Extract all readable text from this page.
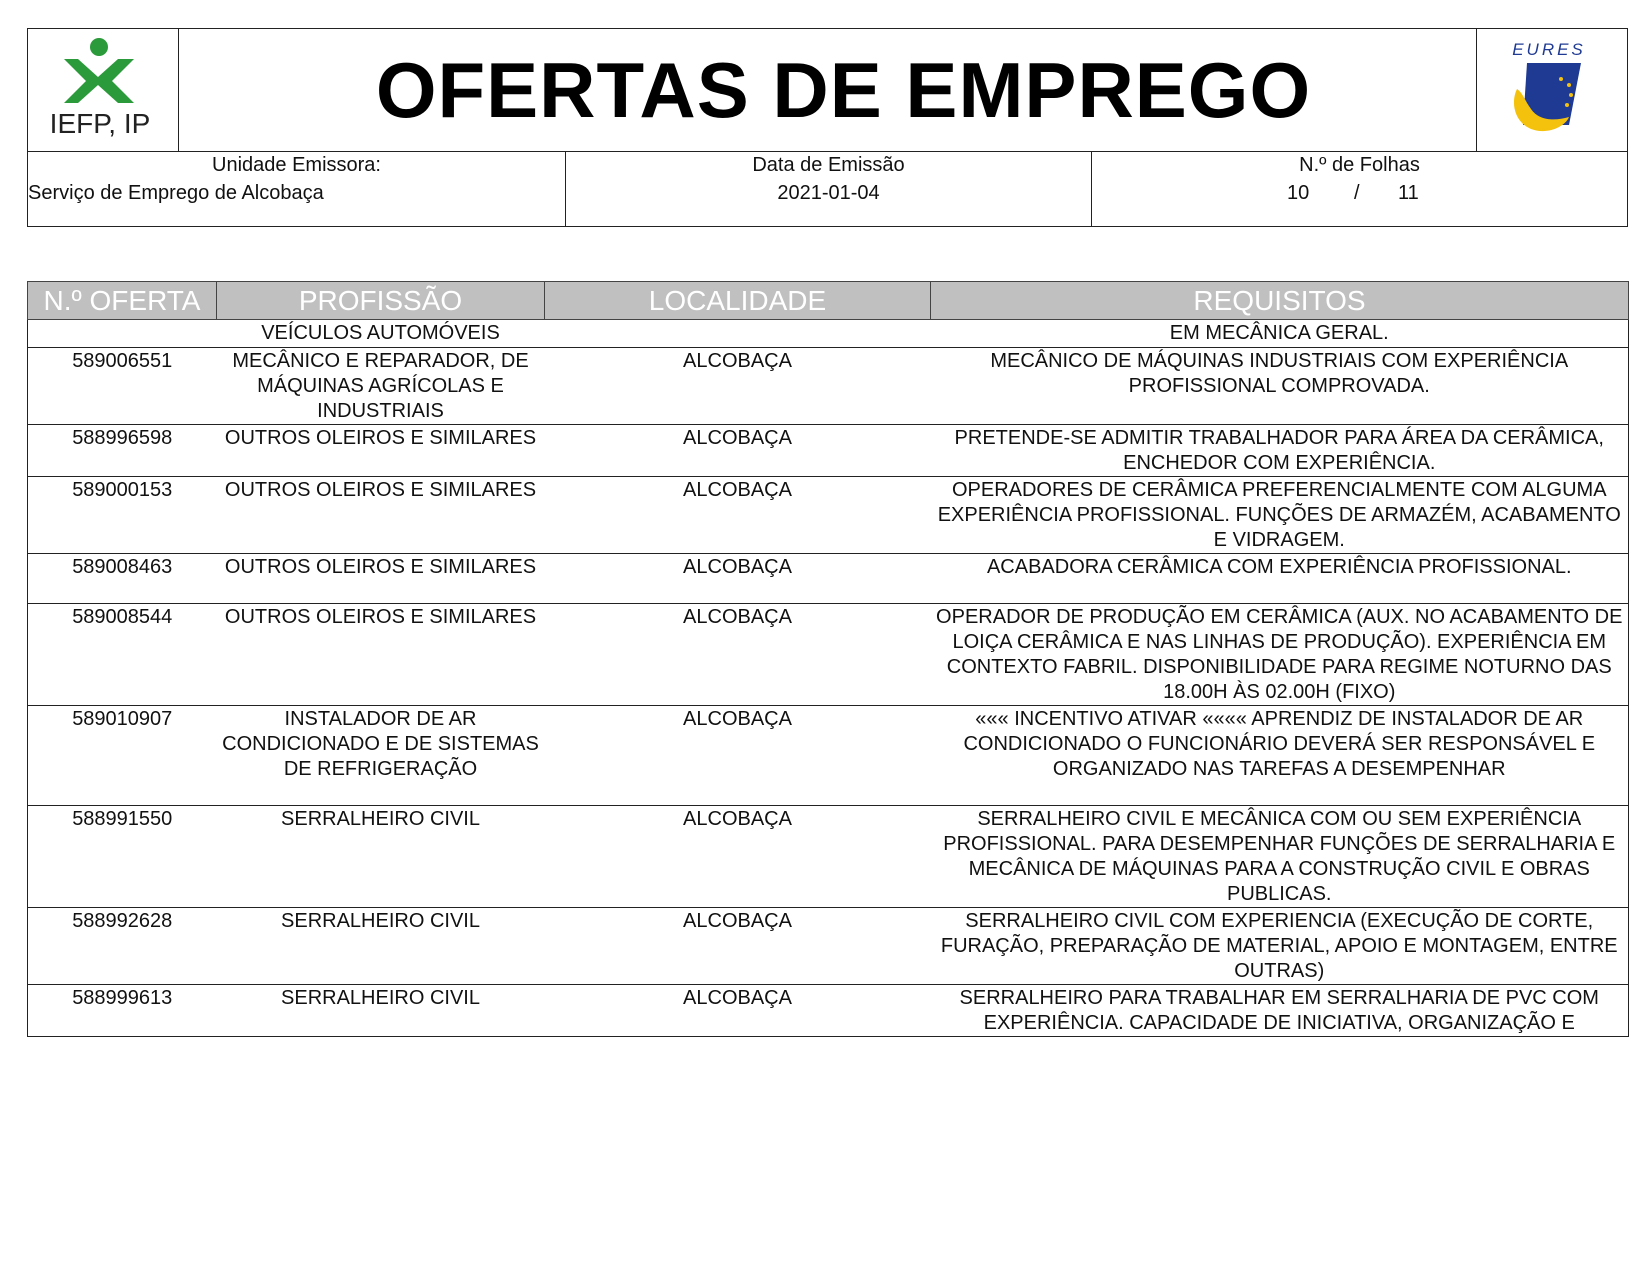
IEFP, IP	OFERTAS DE EMPREGO	EURES
Unidade Emissora:
Serviço de Emprego de Alcobaça
Data de Emissão
2021-01-04
N.º de Folhas
10 / 11
N.º OFERTA	PROFISSÃO	LOCALIDADE	REQUISITOS
	VEÍCULOS AUTOMÓVEIS		EM MECÂNICA GERAL.
589006551	MECÂNICO E REPARADOR, DE MÁQUINAS AGRÍCOLAS E INDUSTRIAIS	ALCOBAÇA	MECÂNICO DE MÁQUINAS INDUSTRIAIS COM EXPERIÊNCIA PROFISSIONAL COMPROVADA.
588996598	OUTROS OLEIROS E SIMILARES	ALCOBAÇA	PRETENDE-SE ADMITIR TRABALHADOR PARA ÁREA DA CERÂMICA, ENCHEDOR COM EXPERIÊNCIA.
589000153	OUTROS OLEIROS E SIMILARES	ALCOBAÇA	OPERADORES DE CERÂMICA PREFERENCIALMENTE COM ALGUMA EXPERIÊNCIA PROFISSIONAL. FUNÇÕES DE ARMAZÉM, ACABAMENTO E VIDRAGEM.
589008463	OUTROS OLEIROS E SIMILARES	ALCOBAÇA	ACABADORA CERÂMICA COM EXPERIÊNCIA PROFISSIONAL.
589008544	OUTROS OLEIROS E SIMILARES	ALCOBAÇA	OPERADOR DE PRODUÇÃO EM CERÂMICA (AUX. NO ACABAMENTO DE LOIÇA CERÂMICA E NAS LINHAS DE PRODUÇÃO). EXPERIÊNCIA EM CONTEXTO FABRIL. DISPONIBILIDADE PARA REGIME NOTURNO DAS 18.00H ÀS 02.00H (FIXO)
589010907	INSTALADOR DE AR CONDICIONADO E DE SISTEMAS DE REFRIGERAÇÃO	ALCOBAÇA	««« INCENTIVO ATIVAR «««« APRENDIZ DE INSTALADOR DE AR CONDICIONADO O FUNCIONÁRIO DEVERÁ SER RESPONSÁVEL E ORGANIZADO NAS TAREFAS A DESEMPENHAR
588991550	SERRALHEIRO CIVIL	ALCOBAÇA	SERRALHEIRO CIVIL E MECÂNICA COM OU SEM EXPERIÊNCIA PROFISSIONAL. PARA DESEMPENHAR FUNÇÕES DE SERRALHARIA E MECÂNICA DE MÁQUINAS PARA A CONSTRUÇÃO CIVIL E OBRAS PUBLICAS.
588992628	SERRALHEIRO CIVIL	ALCOBAÇA	SERRALHEIRO CIVIL COM EXPERIENCIA (EXECUÇÃO DE CORTE, FURAÇÃO, PREPARAÇÃO DE MATERIAL, APOIO E MONTAGEM, ENTRE OUTRAS)
588999613	SERRALHEIRO CIVIL	ALCOBAÇA	SERRALHEIRO PARA TRABALHAR EM SERRALHARIA DE PVC COM EXPERIÊNCIA. CAPACIDADE DE INICIATIVA, ORGANIZAÇÃO E
